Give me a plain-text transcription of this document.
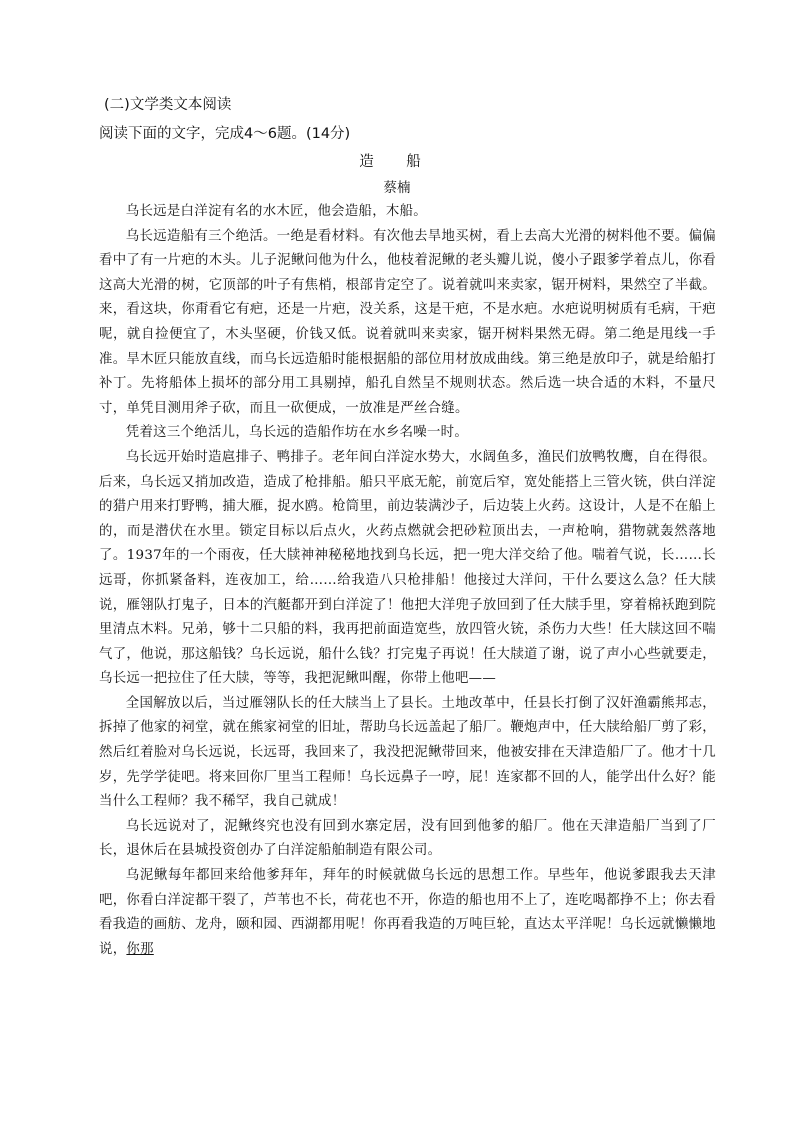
(二)文学类文本阅读
阅读下面的文字，完成4～6题。(14分)
造 船
蔡楠

乌长远是白洋淀有名的水木匠，他会造船，木船。

乌长远造船有三个绝活。一绝是看材料。有次他去旱地买树，看上去高大光滑的树料他不要。偏偏看中了有一片疤的木头。儿子泥鳅问他为什么，他枝着泥鳅的老头瓣儿说，傻小子跟爹学着点儿，你看这高大光滑的树，它顶部的叶子有焦梢，根部肯定空了。说着就叫来卖家，锯开树料，果然空了半截。来，看这块，你甭看它有疤，还是一片疤，没关系，这是干疤，不是水疤。水疤说明树质有毛病，干疤呢，就自捡便宜了，木头坚硬，价钱又低。说着就叫来卖家，锯开树料果然无碍。第二绝是甩线一手准。旱木匠只能放直线，而乌长远造船时能根据船的部位用材放成曲线。第三绝是放印子，就是给船打补丁。先将船体上损坏的部分用工具剔掉，船孔自然呈不规则状态。然后选一块合适的木料，不量尺寸，单凭目测用斧子砍，而且一砍便成，一放准是严丝合缝。

凭着这三个绝活儿，乌长远的造船作坊在水乡名噪一时。

乌长远开始时造扈排子、鸭排子。老年间白洋淀水势大，水阔鱼多，渔民们放鸭牧鹰，自在得很。后来，乌长远又捎加改造，造成了枪排船。船只平底无舵，前宽后窄，宽处能搭上三管火铳，供白洋淀的猎户用来打野鸭，捕大雁，捉水鸥。枪筒里，前边装满沙子，后边装上火药。这设计，人是不在船上的，而是潜伏在水里。锁定目标以后点火，火药点燃就会把砂粒顶出去，一声枪响，猎物就轰然落地了。1937年的一个雨夜，任大牍神神秘秘地找到乌长远，把一兜大洋交给了他。喘着气说，长……长远哥，你抓紧备料，连夜加工，给……给我造八只枪排船！他接过大洋问，干什么要这么急？任大牍说，雁翎队打鬼子，日本的汽艇都开到白洋淀了！他把大洋兜子放回到了任大牍手里，穿着棉袄跑到院里清点木料。兄弟，够十二只船的料，我再把前面造宽些，放四管火铳，杀伤力大些！任大牍这回不喘气了，他说，那这船钱？乌长远说，船什么钱？打完鬼子再说！任大牍道了谢，说了声小心些就要走，乌长远一把拉住了任大牍，等等，我把泥鳅叫醒，你带上他吧——

全国解放以后，当过雁翎队长的任大牍当上了县长。土地改革中，任县长打倒了汉奸渔霸熊邦志，拆掉了他家的祠堂，就在熊家祠堂的旧址，帮助乌长远盖起了船厂。鞭炮声中，任大牍给船厂剪了彩，然后红着脸对乌长远说，长远哥，我回来了，我没把泥鳅带回来，他被安排在天津造船厂了。他才十几岁，先学学徒吧。将来回你厂里当工程师！乌长远鼻子一哼，屁！连家都不回的人，能学出什么好？能当什么工程师？我不稀罕，我自己就成！

乌长远说对了，泥鳅终究也没有回到水寨定居，没有回到他爹的船厂。他在天津造船厂当到了厂长，退休后在县城投资创办了白洋淀船舶制造有限公司。

乌泥鳅每年都回来给他爹拜年，拜年的时候就做乌长远的思想工作。早些年，他说爹跟我去天津吧，你看白洋淀都干裂了，芦苇也不长，荷花也不开，你造的船也用不上了，连吃喝都挣不上；你去看看我造的画舫、龙舟，颐和园、西湖都用呢！你再看我造的万吨巨轮，直达太平洋呢！乌长远就懒懒地说，你那
